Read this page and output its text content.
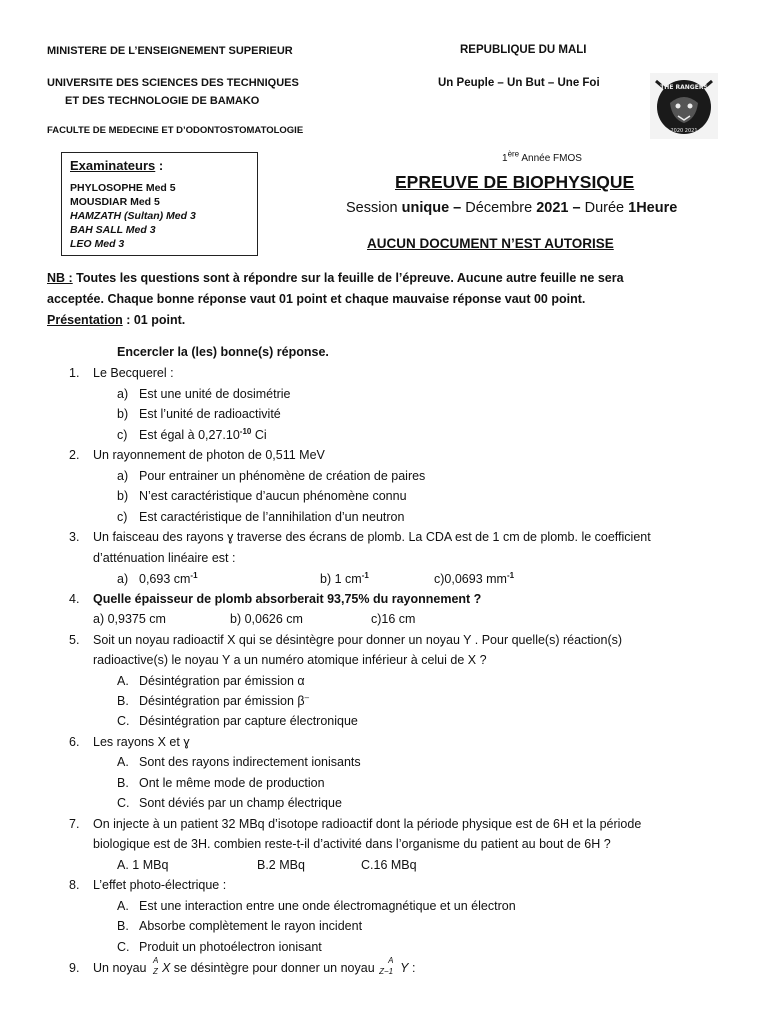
MINISTERE DE L’ENSEIGNEMENT SUPERIEUR	REPUBLIQUE DU MALI
UNIVERSITE DES SCIENCES DES TECHNIQUES
ET DES TECHNOLOGIE DE BAMAKO
Un Peuple – Un But – Une Foi
FACULTE DE MEDECINE ET D’ODONTOSTOMATOLOGIE
THE RANGERS
2020 2021
Examinateurs :
PHYLOSOPHE Med 5
MOUSDIAR Med 5
HAMZATH (Sultan) Med 3
BAH SALL Med 3
LEO Med 3
1ère Année FMOS
EPREUVE DE BIOPHYSIQUE
Session unique – Décembre 2021 – Durée 1Heure
AUCUN DOCUMENT N’EST AUTORISE
NB : Toutes les questions sont à répondre sur la feuille de l’épreuve. Aucune autre feuille ne sera
acceptée. Chaque bonne réponse vaut 01 point et chaque mauvaise réponse vaut 00 point.
Présentation : 01 point.
Encercler la (les) bonne(s) réponse.
1. Le Becquerel :
a) Est une unité de dosimétrie
b) Est l’unité de radioactivité
c) Est égal à $0,27.10^{-10}$ Ci
2. Un rayonnement de photon de 0,511 MeV
a) Pour entrainer un phénomène de création de paires
b) N’est caractéristique d’aucun phénomène connu
c) Est caractéristique de l’annihilation d’un neutron
3. Un faisceau des rayons ɣ traverse des écrans de plomb. La CDA est de 1 cm de plomb. le coefficient
d’atténuation linéaire est :
a) 0,693 $cm^{-1}$	b) 1 $cm^{-1}$	c)0,0693 $mm^{-1}$
4. Quelle épaisseur de plomb absorberait 93,75% du rayonnement ?
a) 0,9375 cm	b) 0,0626 cm	c)16 cm
5. Soit un noyau radioactif X qui se désintègre pour donner un noyau Y . Pour quelle(s) réaction(s)
radioactive(s) le noyau Y a un numéro atomique inférieur à celui de X ?
A. Désintégration par émission α
B. Désintégration par émission β–
C. Désintégration par capture électronique
6. Les rayons X et ɣ
A. Sont des rayons indirectement ionisants
B. Ont le même mode de production
C. Sont déviés par un champ électrique
7. On injecte à un patient 32 MBq d’isotope radioactif dont la période physique est de 6H et la période
biologique est de 3H. combien reste-t-il d’activité dans l’organisme du patient au bout de 6H ?
A. 1 MBq	B.2 MBq	C.16 MBq
8. L’effet photo-électrique :
A. Est une interaction entre une onde électromagnétique et un électron
B. Absorbe complètement le rayon incident
C. Produit un photoélectron ionisant
9. Un noyau
A
Z X se désintègre pour donner un noyau
A
Z−1 Y :
